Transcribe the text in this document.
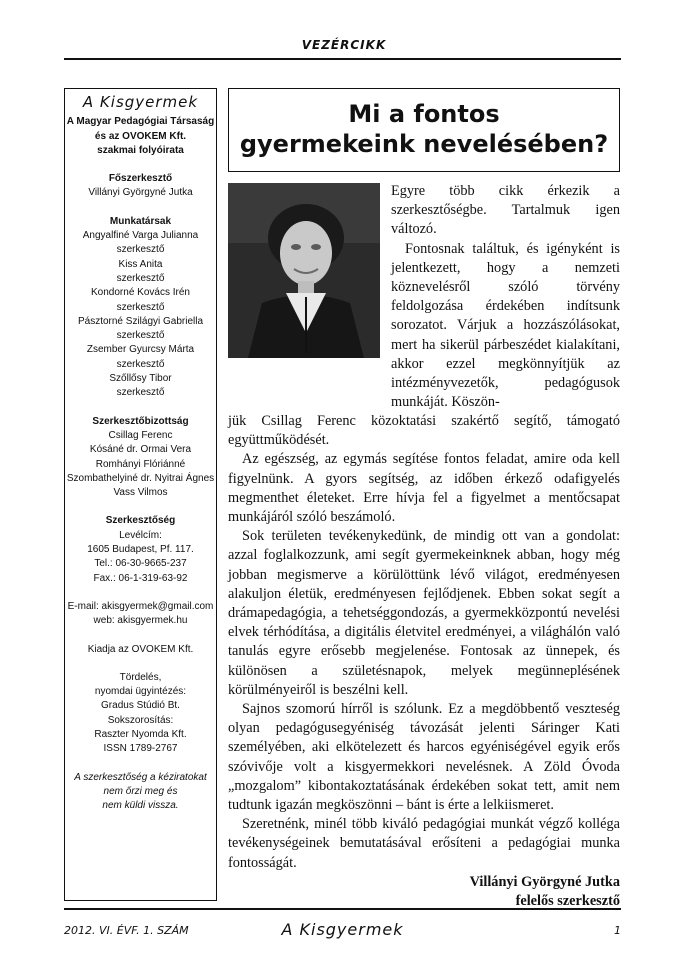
VEZÉRCIKK
A Kisgyermek
A Magyar Pedagógiai Társaság
és az OVOKEM Kft.
szakmai folyóirata
Főszerkesztő
Villányi Györgyné Jutka
Munkatársak
Angyalfiné Varga Julianna
szerkesztő
Kiss Anita
szerkesztő
Kondorné Kovács Irén
szerkesztő
Pásztorné Szilágyi Gabriella
szerkesztő
Zsember Gyurcsy Márta
szerkesztő
Szőllősy Tibor
szerkesztő
Szerkesztőbizottság
Csillag Ferenc
Kósáné dr. Ormai Vera
Romhányi Flóriánné
Szombathelyiné dr. Nyitrai Ágnes
Vass Vilmos
Szerkesztőség
Levélcím:
1605 Budapest, Pf. 117.
Tel.: 06-30-9665-237
Fax.: 06-1-319-63-92
E-mail: akisgyermek@gmail.com
web: akisgyermek.hu
Kiadja az OVOKEM Kft.
Tördelés,
nyomdai ügyintézés:
Gradus Stúdió Bt.
Sokszorosítás:
Raszter Nyomda Kft.
ISSN 1789-2767
A szerkesztőség a kéziratokat
nem őrzi meg és
nem küldi vissza.
Mi a fontos
gyermekeink nevelésében?

Egyre több cikk érkezik a szerkesztőségbe. Tartalmuk igen változó.

Fontosnak találtuk, és igényként is jelentkezett, hogy a nemzeti köznevelésről szóló törvény feldolgozása érdekében indítsunk sorozatot. Várjuk a hozzászólásokat, mert ha sikerül párbeszédet kialakítani, akkor ezzel megkönnyítjük az intézményvezetők, pedagógusok munkáját. Köszön-

jük Csillag Ferenc közoktatási szakértő segítő, támogató együttműködését.

Az egészség, az egymás segítése fontos feladat, amire oda kell figyelnünk. A gyors segítség, az időben érkező odafigyelés megmenthet életeket. Erre hívja fel a figyelmet a mentőcsapat munkájáról szóló beszámoló.

Sok területen tevékenykedünk, de mindig ott van a gondolat: azzal foglalkozzunk, ami segít gyermekeinknek abban, hogy még jobban megismerve a körülöttünk lévő világot, eredményesen alakuljon életük, eredményesen fejlődjenek. Ebben sokat segít a drámapedagógia, a tehetséggondozás, a gyermekközpontú nevelési elvek térhódítása, a digitális életvitel eredményei, a világhálón való tanulás egyre erősebb megjelenése. Fontosak az ünnepek, és különösen a születésnapok, melyek megünneplésének körülményeiről is beszélni kell.

Sajnos szomorú hírről is szólunk. Ez a megdöbbentő veszteség olyan pedagógusegyéniség távozását jelenti Sáringer Kati személyében, aki elkötelezett és harcos egyéniségével egyik erős szóvivője volt a kisgyermekkori nevelésnek. A Zöld Óvoda „mozgalom” kibontakoztatásának érdekében sokat tett, amit nem tudtunk igazán megköszönni – bánt is érte a lelkiismeret.

Szeretnénk, minél több kiváló pedagógiai munkát végző kolléga tevékenységeinek bemutatásával erősíteni a pedagógiai munka fontosságát.

Villányi Györgyné Jutka

felelős szerkesztő

2012. VI. ÉVF. 1. SZÁM	A Kisgyermek	1
